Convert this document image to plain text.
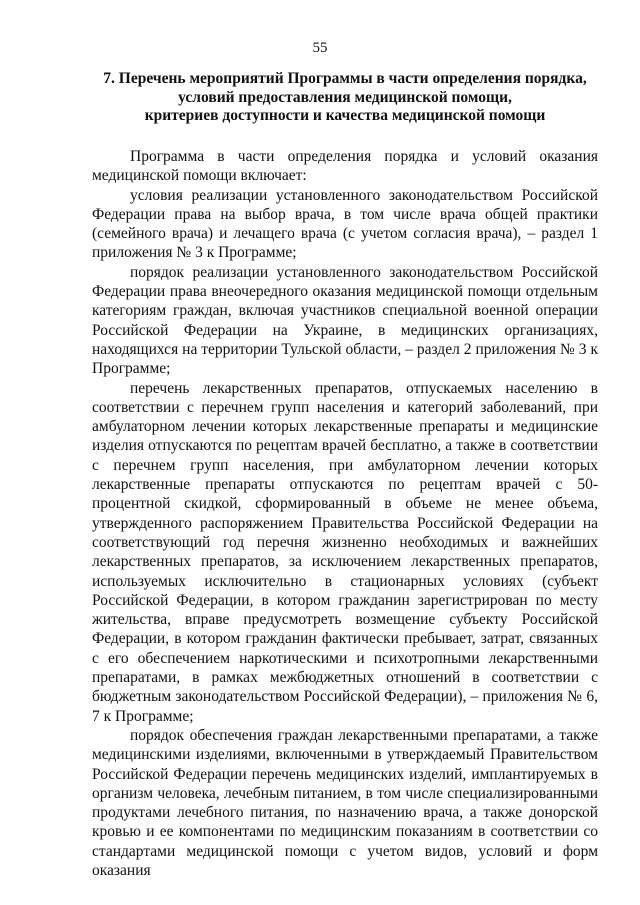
55
7. Перечень мероприятий Программы в части определения порядка,
условий предоставления медицинской помощи,
критериев доступности и качества медицинской помощи

Программа в части определения порядка и условий оказания медицинской помощи включает:

условия реализации установленного законодательством Российской Федерации права на выбор врача, в том числе врача общей практики (семейного врача) и лечащего врача (с учетом согласия врача), – раздел 1 приложения № 3 к Программе;

порядок реализации установленного законодательством Российской Федерации права внеочередного оказания медицинской помощи отдельным категориям граждан, включая участников специальной военной операции Российской Федерации на Украине, в медицинских организациях, находящихся на территории Тульской области, – раздел 2 приложения № 3 к Программе;

перечень лекарственных препаратов, отпускаемых населению в соответствии с перечнем групп населения и категорий заболеваний, при амбулаторном лечении которых лекарственные препараты и медицинские изделия отпускаются по рецептам врачей бесплатно, а также в соответствии с перечнем групп населения, при амбулаторном лечении которых лекарственные препараты отпускаются по рецептам врачей с 50-процентной скидкой, сформированный в объеме не менее объема, утвержденного распоряжением Правительства Российской Федерации на соответствующий год перечня жизненно необходимых и важнейших лекарственных препаратов, за исключением лекарственных препаратов, используемых исключительно в стационарных условиях (субъект Российской Федерации, в котором гражданин зарегистрирован по месту жительства, вправе предусмотреть возмещение субъекту Российской Федерации, в котором гражданин фактически пребывает, затрат, связанных с его обеспечением наркотическими и психотропными лекарственными препаратами, в рамках межбюджетных отношений в соответствии с бюджетным законодательством Российской Федерации), – приложения № 6, 7 к Программе;

порядок обеспечения граждан лекарственными препаратами, а также медицинскими изделиями, включенными в утверждаемый Правительством Российской Федерации перечень медицинских изделий, имплантируемых в организм человека, лечебным питанием, в том числе специализированными продуктами лечебного питания, по назначению врача, а также донорской кровью и ее компонентами по медицинским показаниям в соответствии со стандартами медицинской помощи с учетом видов, условий и форм оказания
